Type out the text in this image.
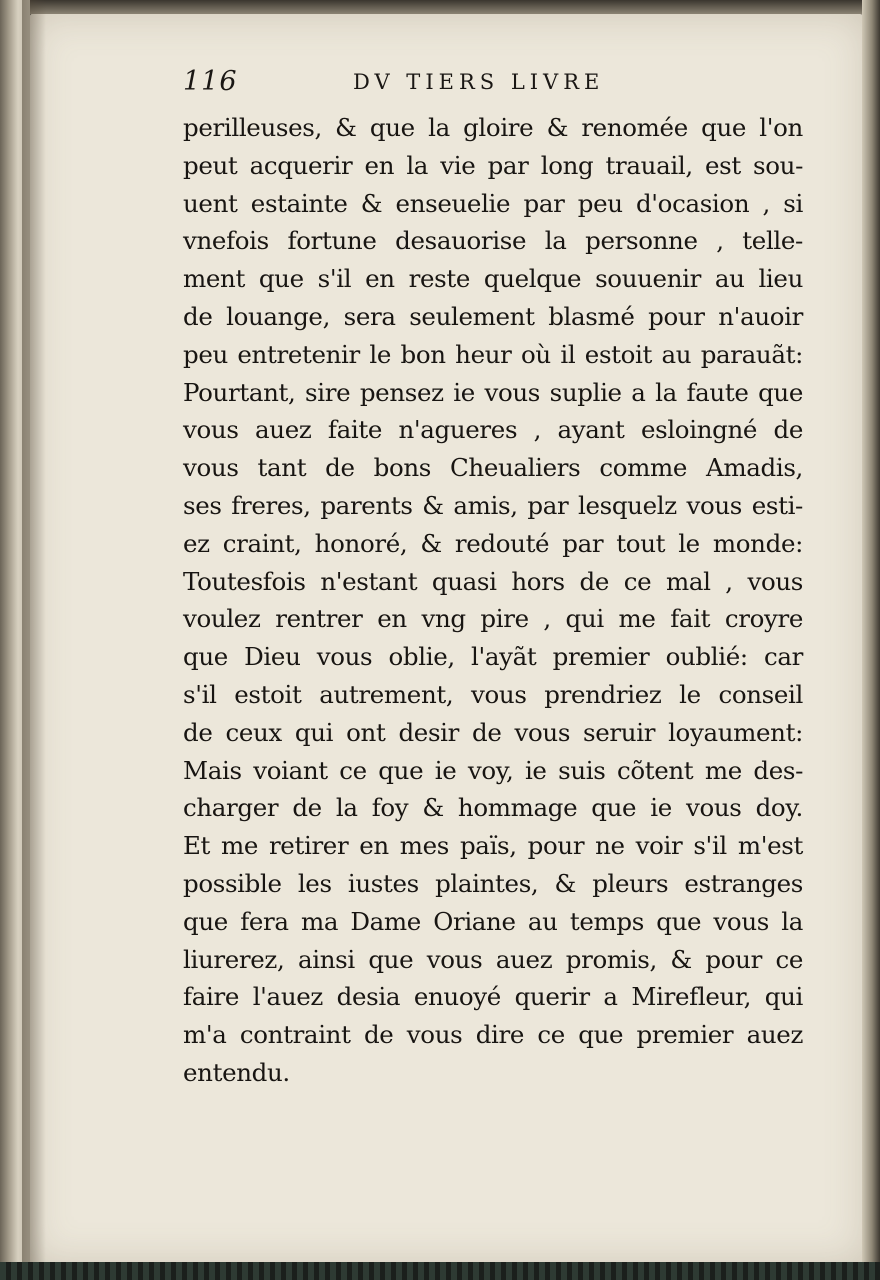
116	DV TIERS LIVRE
perilleuses, & que la gloire & renomée que l'on
peut acquerir en la vie par long trauail, est sou-
uent estainte & enseuelie par peu d'ocasion , si
vnefois fortune desauorise la personne , telle-
ment que s'il en reste quelque souuenir au lieu
de louange, sera seulement blasmé pour n'auoir
peu entretenir le bon heur où il estoit au parauãt:
Pourtant, sire pensez ie vous suplie a la faute que
vous auez faite n'agueres , ayant esloingné de
vous tant de bons Cheualiers comme Amadis,
ses freres, parents & amis, par lesquelz vous esti-
ez craint, honoré, & redouté par tout le monde:
Toutesfois n'estant quasi hors de ce mal , vous
voulez rentrer en vng pire , qui me fait croyre
que Dieu vous oblie, l'ayãt premier oublié: car
s'il estoit autrement, vous prendriez le conseil
de ceux qui ont desir de vous seruir loyaument:
Mais voiant ce que ie voy, ie suis cõtent me des-
charger de la foy & hommage que ie vous doy.
Et me retirer en mes païs, pour ne voir s'il m'est
possible les iustes plaintes, & pleurs estranges
que fera ma Dame Oriane au temps que vous la
liurerez, ainsi que vous auez promis, & pour ce
faire l'auez desia enuoyé querir a Mirefleur, qui
m'a contraint de vous dire ce que premier auez
entendu.
